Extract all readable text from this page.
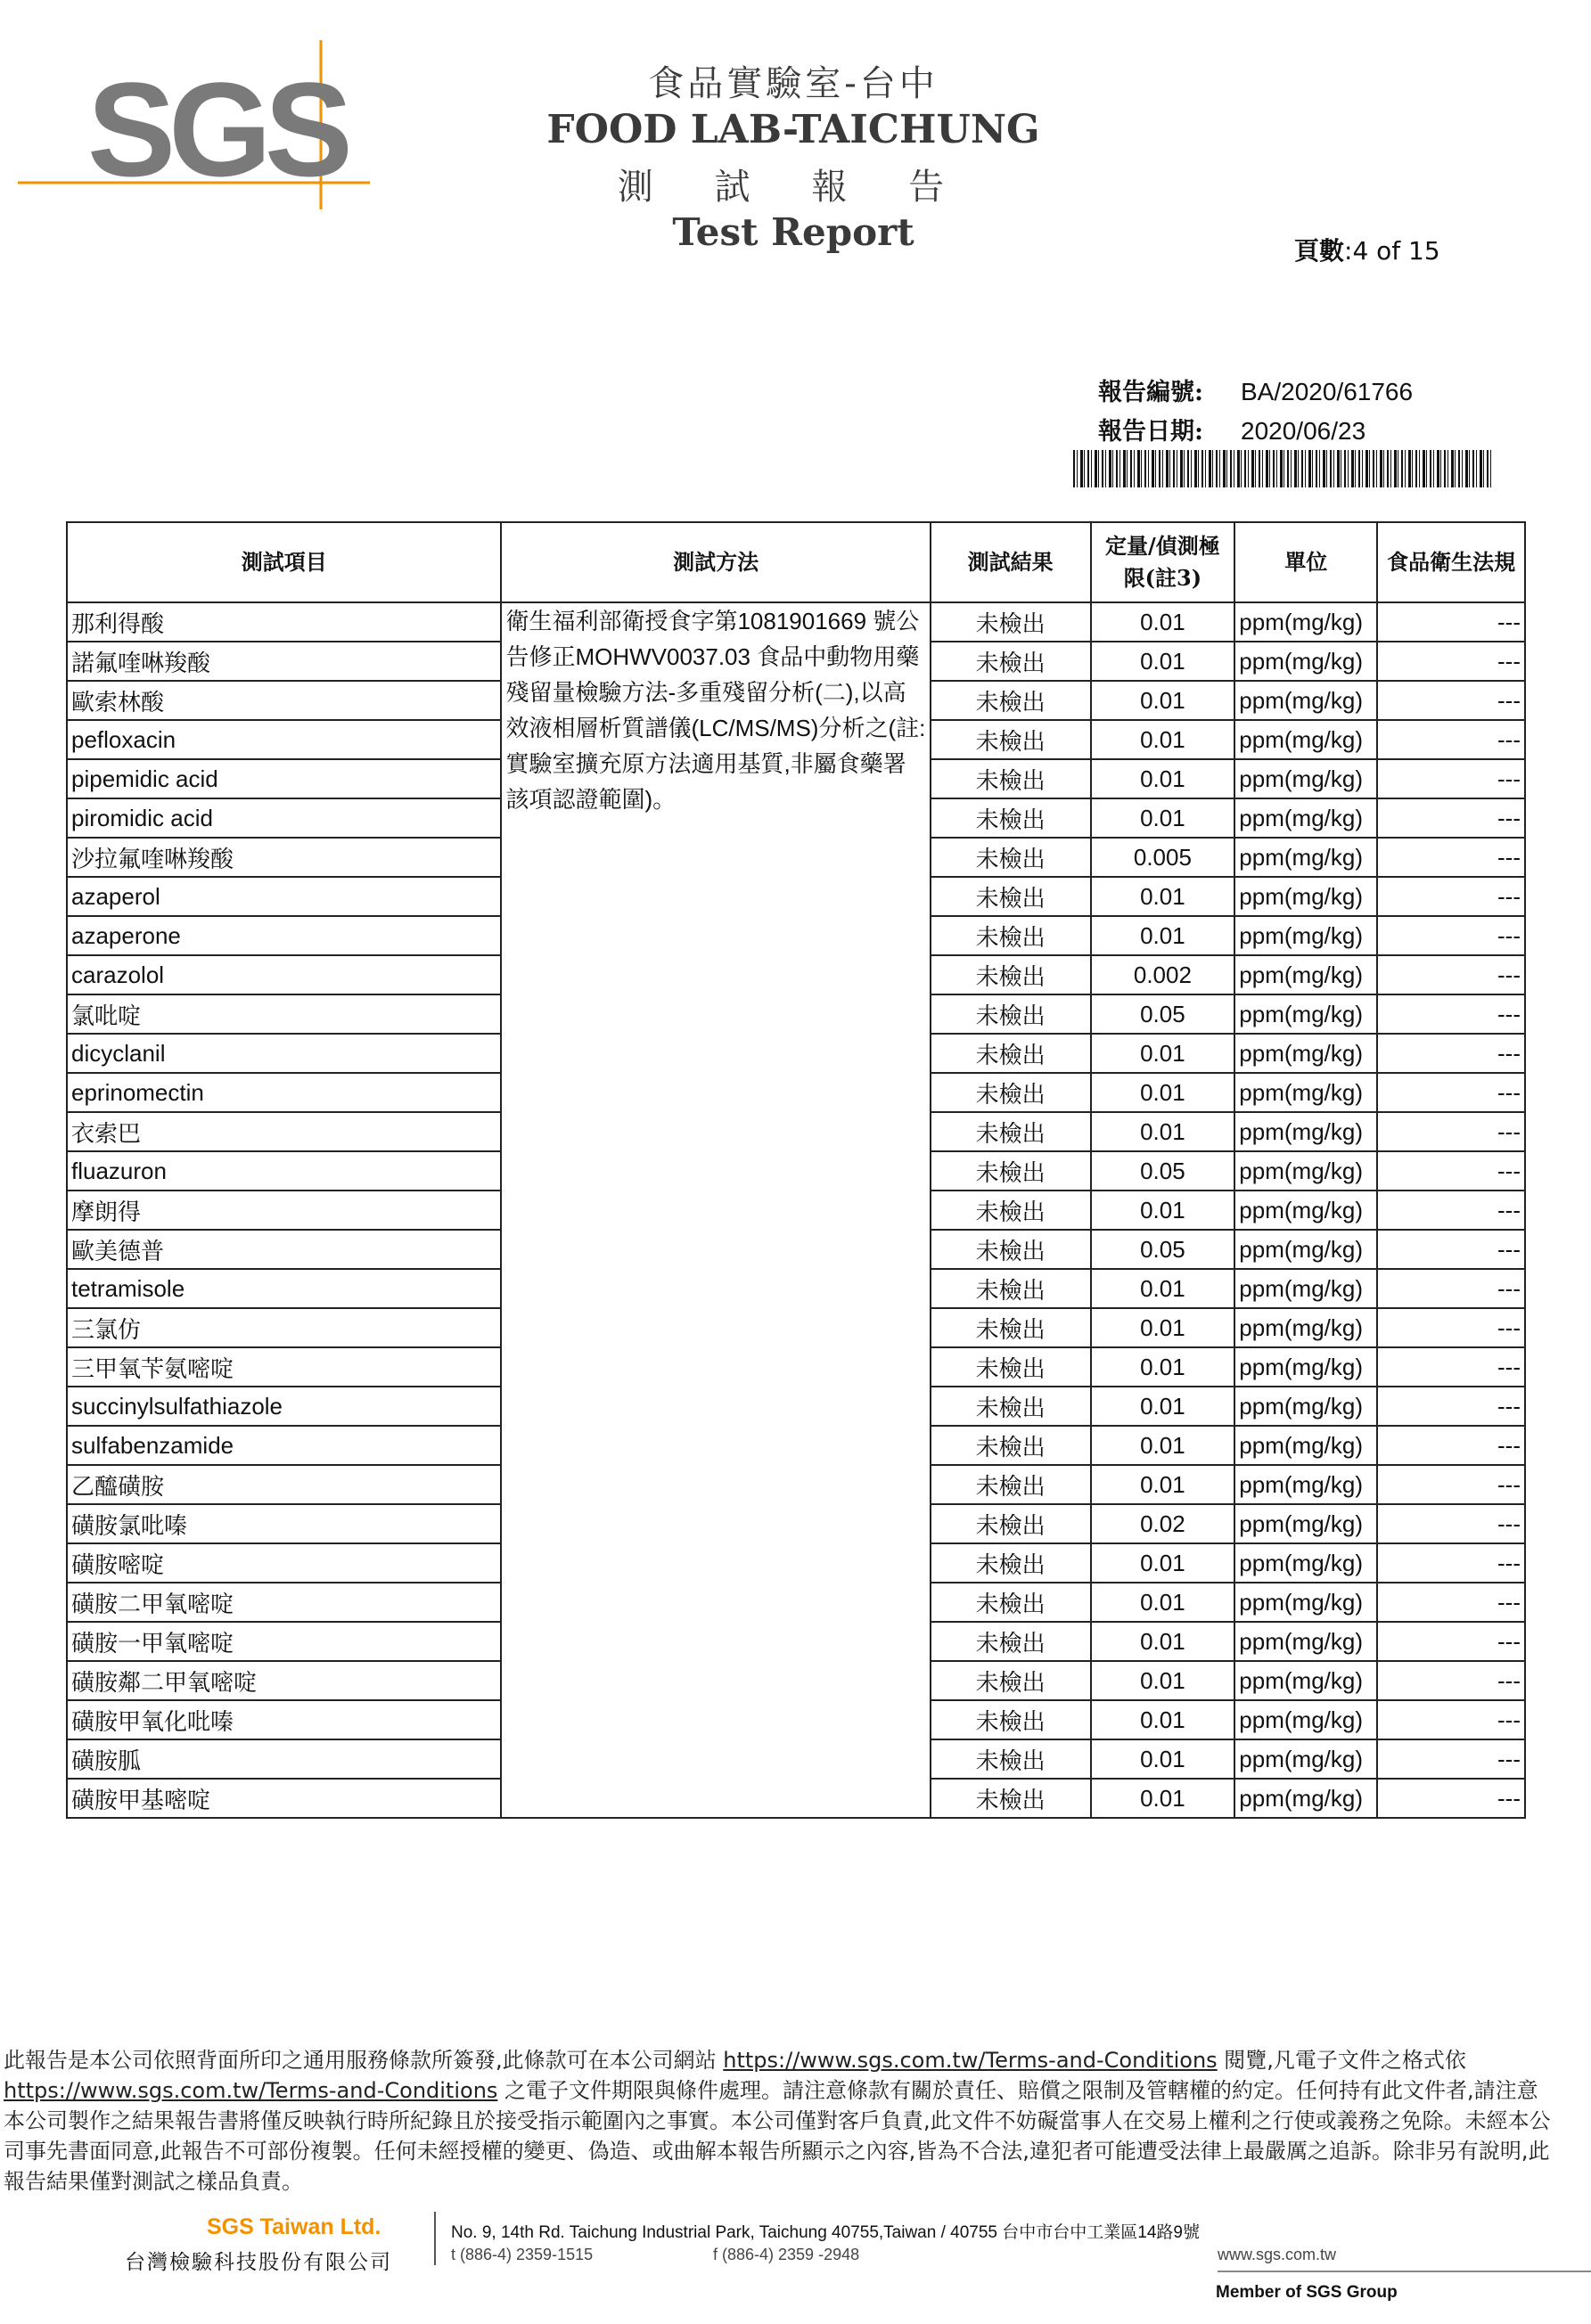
SGS	食品實驗室-台中
FOOD LAB-TAICHUNG
測 試 報 告
Test Report	頁數:4 of 15
報告編號: BA/2020/61766
報告日期: 2020/06/23
測試項目	測試方法	測試結果	定量/偵測極限(註3)	單位	食品衛生法規
那利得酸	衛生福利部衛授食字第1081901669 號公告修正MOHWV0037.03 食品中動物用藥殘留量檢驗方法-多重殘留分析(二),以高效液相層析質譜儀(LC/MS/MS)分析之(註:實驗室擴充原方法適用基質,非屬食藥署該項認證範圍)。	未檢出	0.01	ppm(mg/kg)	---
諾氟喹啉羧酸		未檢出	0.01	ppm(mg/kg)	---
歐索林酸		未檢出	0.01	ppm(mg/kg)	---
pefloxacin		未檢出	0.01	ppm(mg/kg)	---
pipemidic acid		未檢出	0.01	ppm(mg/kg)	---
piromidic acid		未檢出	0.01	ppm(mg/kg)	---
沙拉氟喹啉羧酸		未檢出	0.005	ppm(mg/kg)	---
azaperol		未檢出	0.01	ppm(mg/kg)	---
azaperone		未檢出	0.01	ppm(mg/kg)	---
carazolol		未檢出	0.002	ppm(mg/kg)	---
氯吡啶		未檢出	0.05	ppm(mg/kg)	---
dicyclanil		未檢出	0.01	ppm(mg/kg)	---
eprinomectin		未檢出	0.01	ppm(mg/kg)	---
衣索巴		未檢出	0.01	ppm(mg/kg)	---
fluazuron		未檢出	0.05	ppm(mg/kg)	---
摩朗得		未檢出	0.01	ppm(mg/kg)	---
歐美德普		未檢出	0.05	ppm(mg/kg)	---
tetramisole		未檢出	0.01	ppm(mg/kg)	---
三氯仿		未檢出	0.01	ppm(mg/kg)	---
三甲氧苄氨嘧啶		未檢出	0.01	ppm(mg/kg)	---
succinylsulfathiazole		未檢出	0.01	ppm(mg/kg)	---
sulfabenzamide		未檢出	0.01	ppm(mg/kg)	---
乙醯磺胺		未檢出	0.01	ppm(mg/kg)	---
磺胺氯吡嗪		未檢出	0.02	ppm(mg/kg)	---
磺胺嘧啶		未檢出	0.01	ppm(mg/kg)	---
磺胺二甲氧嘧啶		未檢出	0.01	ppm(mg/kg)	---
磺胺一甲氧嘧啶		未檢出	0.01	ppm(mg/kg)	---
磺胺鄰二甲氧嘧啶		未檢出	0.01	ppm(mg/kg)	---
磺胺甲氧化吡嗪		未檢出	0.01	ppm(mg/kg)	---
磺胺胍		未檢出	0.01	ppm(mg/kg)	---
磺胺甲基嘧啶		未檢出	0.01	ppm(mg/kg)	---
此報告是本公司依照背面所印之通用服務條款所簽發,此條款可在本公司網站 https://www.sgs.com.tw/Terms-and-Conditions 閱覽,凡電子文件之格式依 https://www.sgs.com.tw/Terms-and-Conditions 之電子文件期限與條件處理。請注意條款有關於責任、賠償之限制及管轄權的約定。任何持有此文件者,請注意本公司製作之結果報告書將僅反映執行時所紀錄且於接受指示範圍內之事實。本公司僅對客戶負責,此文件不妨礙當事人在交易上權利之行使或義務之免除。未經本公司事先書面同意,此報告不可部份複製。任何未經授權的變更、偽造、或曲解本報告所顯示之內容,皆為不合法,違犯者可能遭受法律上最嚴厲之追訴。除非另有說明,此報告結果僅對測試之樣品負責。
SGS Taiwan Ltd.
台灣檢驗科技股份有限公司
No. 9, 14th Rd. Taichung Industrial Park, Taichung 40755,Taiwan / 40755 台中市台中工業區14路9號
t (886-4) 2359-1515	f (886-4) 2359 -2948	www.sgs.com.tw
Member of SGS Group
